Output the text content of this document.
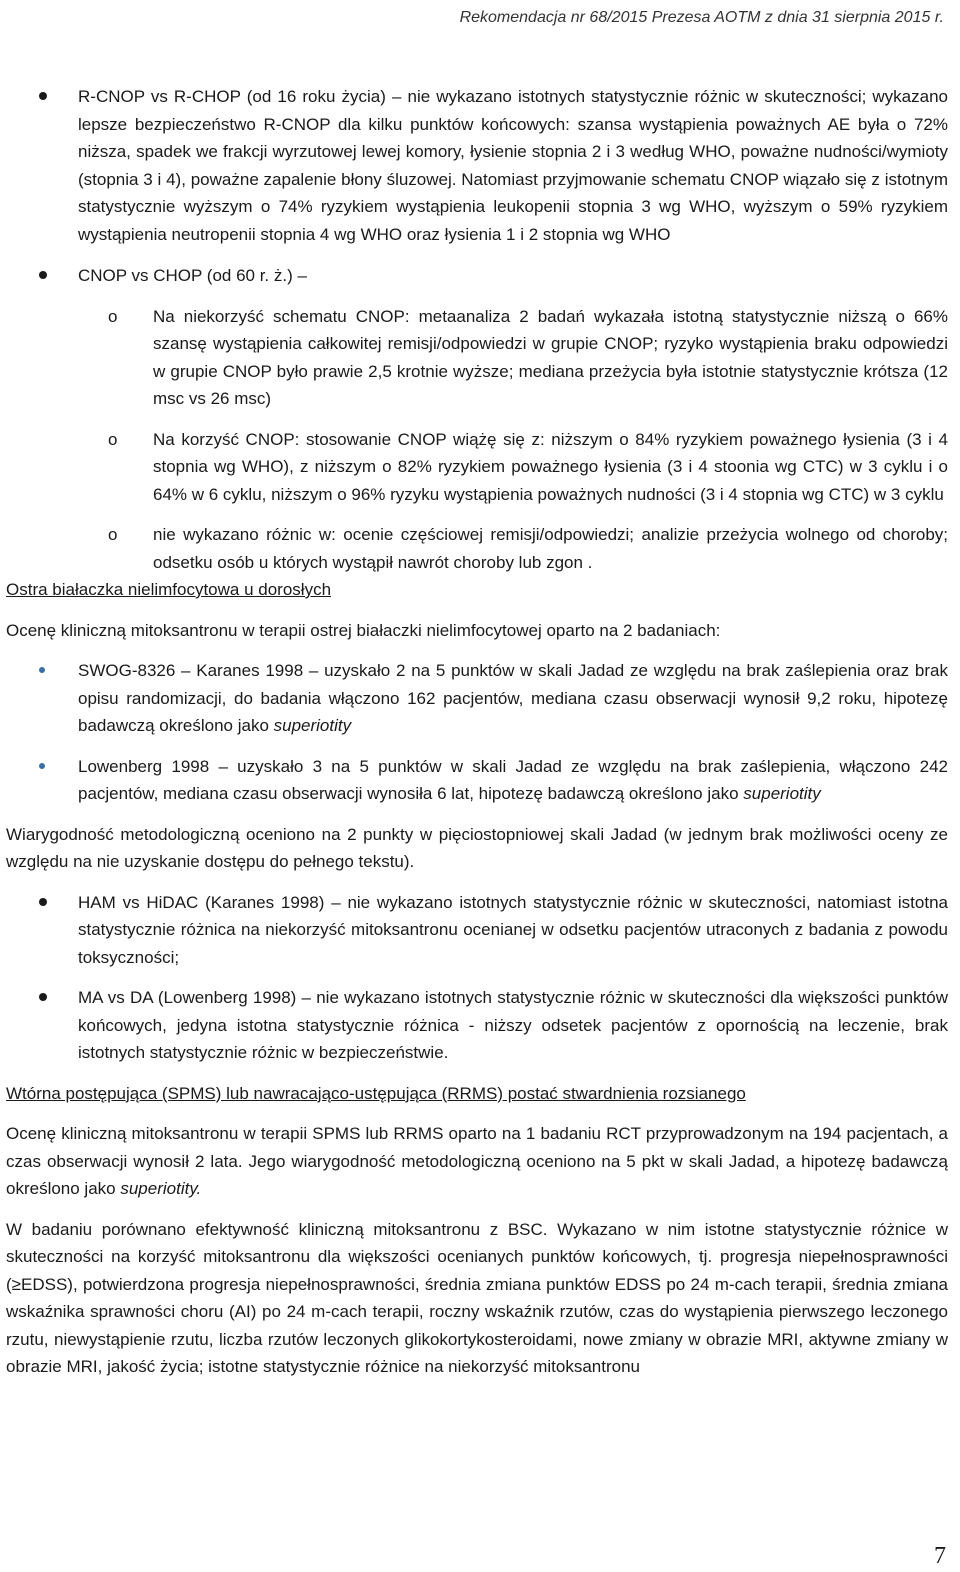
Rekomendacja nr 68/2015 Prezesa AOTM z dnia 31 sierpnia 2015 r.
R-CNOP vs R-CHOP (od 16 roku życia) – nie wykazano istotnych statystycznie różnic w skuteczności; wykazano lepsze bezpieczeństwo R-CNOP dla kilku punktów końcowych: szansa wystąpienia poważnych AE była o 72% niższa, spadek we frakcji wyrzutowej lewej komory, łysienie stopnia 2 i 3 według WHO, poważne nudności/wymioty (stopnia 3 i 4), poważne zapalenie błony śluzowej. Natomiast przyjmowanie schematu CNOP wiązało się z istotnym statystycznie wyższym o 74% ryzykiem wystąpienia leukopenii stopnia 3 wg WHO, wyższym o 59% ryzykiem wystąpienia neutropenii stopnia 4 wg WHO oraz łysienia 1 i 2 stopnia wg WHO
CNOP vs CHOP (od 60 r. ż.) –
o Na niekorzyść schematu CNOP: metaanaliza 2 badań wykazała istotną statystycznie niższą o 66% szansę wystąpienia całkowitej remisji/odpowiedzi w grupie CNOP; ryzyko wystąpienia braku odpowiedzi w grupie CNOP było prawie 2,5 krotnie wyższe; mediana przeżycia była istotnie statystycznie krótsza (12 msc vs 26 msc)
o Na korzyść CNOP: stosowanie CNOP wiążę się z: niższym o 84% ryzykiem poważnego łysienia (3 i 4 stopnia wg WHO), z niższym o 82% ryzykiem poważnego łysienia (3 i 4 stoonia wg CTC) w 3 cyklu i o 64% w 6 cyklu, niższym o 96% ryzyku wystąpienia poważnych nudności (3 i 4 stopnia wg CTC) w 3 cyklu
o nie wykazano różnic w: ocenie częściowej remisji/odpowiedzi; analizie przeżycia wolnego od choroby; odsetku osób u których wystąpił nawrót choroby lub zgon .

Ostra białaczka nielimfocytowa u dorosłych

Ocenę kliniczną mitoksantronu w terapii ostrej białaczki nielimfocytowej oparto na 2 badaniach:

SWOG-8326 – Karanes 1998 – uzyskało 2 na 5 punktów w skali Jadad ze względu na brak zaślepienia oraz brak opisu randomizacji, do badania włączono 162 pacjentów, mediana czasu obserwacji wynosił 9,2 roku, hipotezę badawczą określono jako superiotity
Lowenberg 1998 – uzyskało 3 na 5 punktów w skali Jadad ze względu na brak zaślepienia, włączono 242 pacjentów, mediana czasu obserwacji wynosiła 6 lat, hipotezę badawczą określono jako superiotity

Wiarygodność metodologiczną oceniono na 2 punkty w pięciostopniowej skali Jadad (w jednym brak możliwości oceny ze względu na nie uzyskanie dostępu do pełnego tekstu).

HAM vs HiDAC (Karanes 1998) – nie wykazano istotnych statystycznie różnic w skuteczności, natomiast istotna statystycznie różnica na niekorzyść mitoksantronu ocenianej w odsetku pacjentów utraconych z badania z powodu toksyczności;
MA vs DA (Lowenberg 1998) – nie wykazano istotnych statystycznie różnic w skuteczności dla większości punktów końcowych, jedyna istotna statystycznie różnica - niższy odsetek pacjentów z opornością na leczenie, brak istotnych statystycznie różnic w bezpieczeństwie.

Wtórna postępująca (SPMS) lub nawracająco-ustępująca (RRMS) postać stwardnienia rozsianego

Ocenę kliniczną mitoksantronu w terapii SPMS lub RRMS oparto na 1 badaniu RCT przyprowadzonym na 194 pacjentach, a czas obserwacji wynosił 2 lata. Jego wiarygodność metodologiczną oceniono na 5 pkt w skali Jadad, a hipotezę badawczą określono jako superiotity.

W badaniu porównano efektywność kliniczną mitoksantronu z BSC. Wykazano w nim istotne statystycznie różnice w skuteczności na korzyść mitoksantronu dla większości ocenianych punktów końcowych, tj. progresja niepełnosprawności (≥EDSS), potwierdzona progresja niepełnosprawności, średnia zmiana punktów EDSS po 24 m-cach terapii, średnia zmiana wskaźnika sprawności choru (AI) po 24 m-cach terapii, roczny wskaźnik rzutów, czas do wystąpienia pierwszego leczonego rzutu, niewystąpienie rzutu, liczba rzutów leczonych glikokortykosteroidami, nowe zmiany w obrazie MRI, aktywne zmiany w obrazie MRI, jakość życia; istotne statystycznie różnice na niekorzyść mitoksantronu

7
